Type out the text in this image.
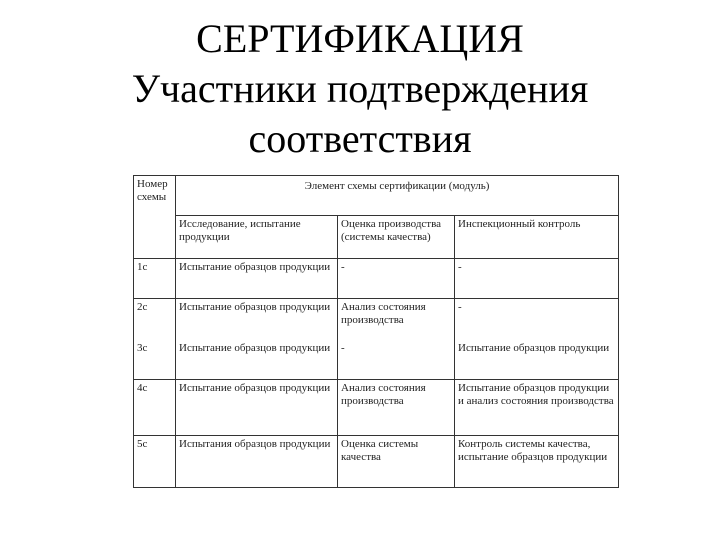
СЕРТИФИКАЦИЯ
Участники подтверждения
соответствия
Номер схемы	Элемент схемы сертификации (модуль)		
	Исследование, испытание продукции	Оценка производства (системы качества)	Инспекционный контроль
1с	Испытание образцов продукции	-	-
2с	Испытание образцов продукции	Анализ состояния производства	-
3с	Испытание образцов продукции	-	Испытание образцов продукции
4с	Испытание образцов продукции	Анализ состояния производства	Испытание образцов продукции и анализ состояния производства
5с	Испытания образцов продукции	Оценка системы качества	Контроль системы качества, испытание образцов продукции
